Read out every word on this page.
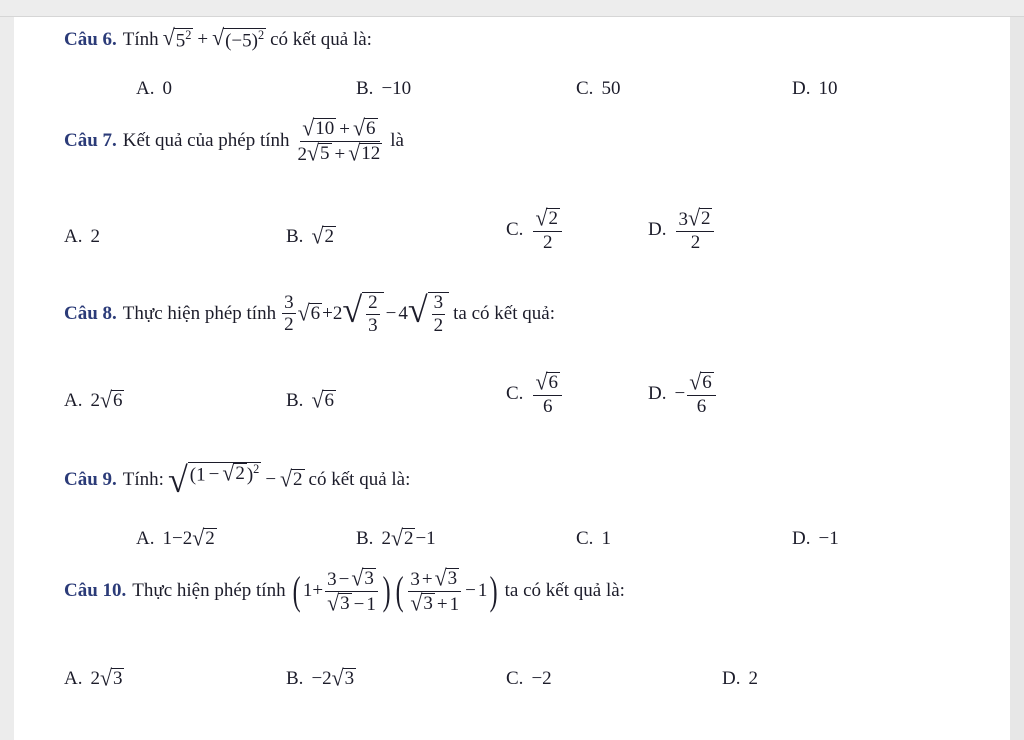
Câu 6. Tính √ $5^2$ + √ $(-5)^2$ có kết quả là:
A. 0	B. −10	C. 50	D. 10
Câu 7. Kết quả của phép tính $\frac{√ 10 + √ 6}{2 √ 5 + √ 12}$ là
A. 2	B. √ 2	C. $\frac{√ 2}{2}$	D. $\frac{3 √ 2}{2}$
Câu 8. Thực hiện phép tính $\frac{3}{2}$ √ 6 + 2 √ $\frac{2}{3} - 4$ √ $\frac{3}{2}$ ta có kết quả:
A. 2 √ 6	B. √ 6	C. $\frac{√ 6}{6}$	D. − $\frac{√ 6}{6}$
Câu 9. Tính: √ (1 − √ 2 )$^2$
− √ 2 có kết quả là:
A. 1−2 √ 2	B. 2 √ 2 −1	C. 1	D. −1
Câu 10. Thực hiện phép tính ( $1 + \frac{3 - √ 3}{√ 3 - 1}$ ) ( $\frac{3 + √ 3}{√ 3 + 1} - 1$ ) ta có kết quả là:
A. 2 √ 3	B. −2 √ 3	C. −2	D. 2
